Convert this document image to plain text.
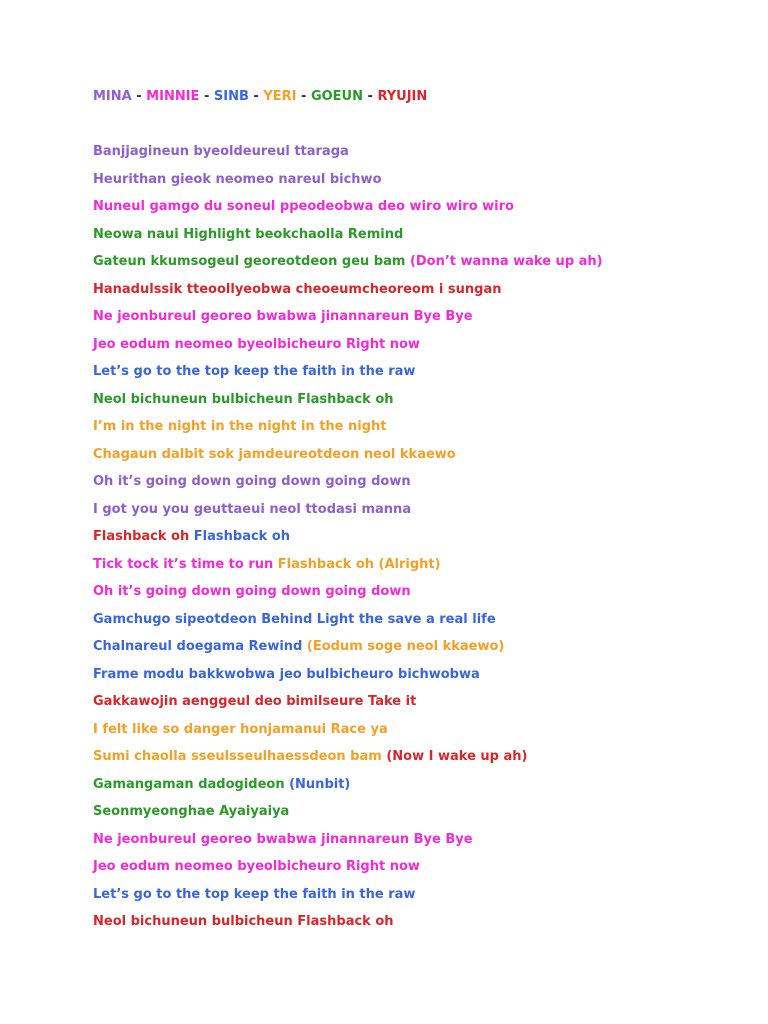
MINA - MINNIE - SINB - YERI - GOEUN - RYUJIN
Banjjagineun byeoldeureul ttaraga
Heurithan gieok neomeo nareul bichwo
Nuneul gamgo du soneul ppeodeobwa deo wiro wiro wiro
Neowa naui Highlight beokchaolla Remind
Gateun kkumsogeul georeotdeon geu bam (Don’t wanna wake up ah)
Hanadulssik tteoollyeobwa cheoeumcheoreom i sungan
Ne jeonbureul georeo bwabwa jinannareun Bye Bye
Jeo eodum neomeo byeolbicheuro Right now
Let’s go to the top keep the faith in the raw
Neol bichuneun bulbicheun Flashback oh
I’m in the night in the night in the night
Chagaun dalbit sok jamdeureotdeon neol kkaewo
Oh it’s going down going down going down
I got you you geuttaeui neol ttodasi manna
Flashback oh Flashback oh
Tick tock it’s time to run Flashback oh (Alright)
Oh it’s going down going down going down
Gamchugo sipeotdeon Behind Light the save a real life
Chalnareul doegama Rewind (Eodum soge neol kkaewo)
Frame modu bakkwobwa jeo bulbicheuro bichwobwa
Gakkawojin aenggeul deo bimilseure Take it
I felt like so danger honjamanui Race ya
Sumi chaolla sseulsseulhaessdeon bam (Now I wake up ah)
Gamangaman dadogideon (Nunbit)
Seonmyeonghae Ayaiyaiya
Ne jeonbureul georeo bwabwa jinannareun Bye Bye
Jeo eodum neomeo byeolbicheuro Right now
Let’s go to the top keep the faith in the raw
Neol bichuneun bulbicheun Flashback oh
